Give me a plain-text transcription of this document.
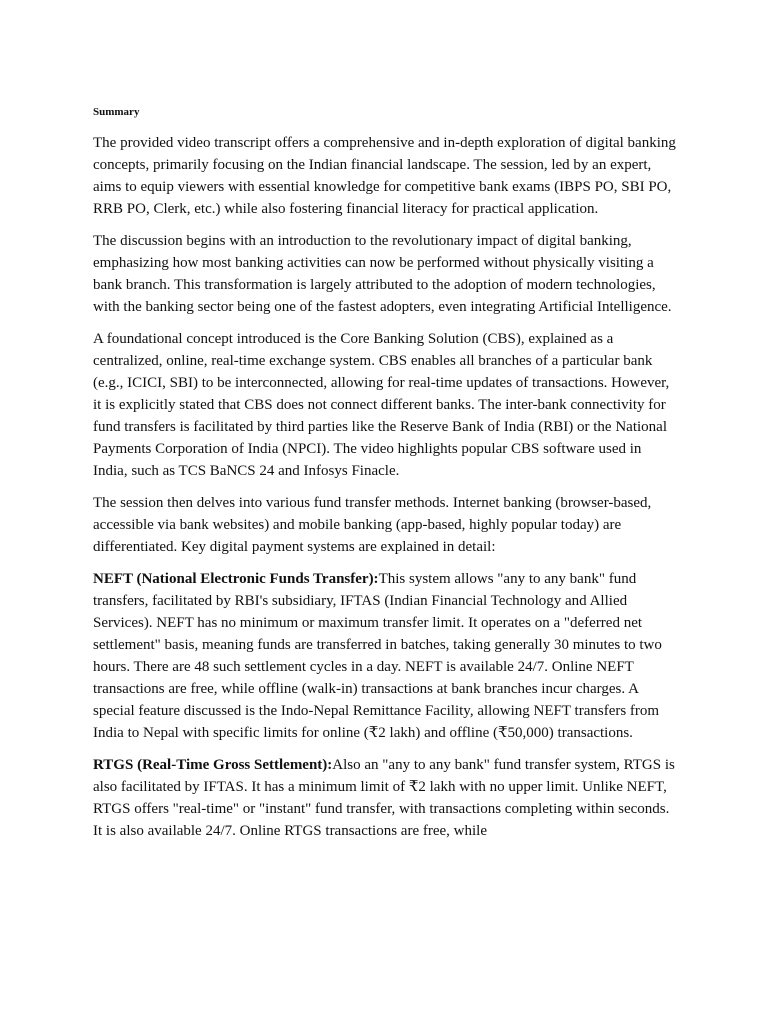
Summary

The provided video transcript offers a comprehensive and in-depth exploration of digital banking concepts, primarily focusing on the Indian financial landscape. The session, led by an expert, aims to equip viewers with essential knowledge for competitive bank exams (IBPS PO, SBI PO, RRB PO, Clerk, etc.) while also fostering financial literacy for practical application.

The discussion begins with an introduction to the revolutionary impact of digital banking, emphasizing how most banking activities can now be performed without physically visiting a bank branch. This transformation is largely attributed to the adoption of modern technologies, with the banking sector being one of the fastest adopters, even integrating Artificial Intelligence.

A foundational concept introduced is the Core Banking Solution (CBS), explained as a centralized, online, real-time exchange system. CBS enables all branches of a particular bank (e.g., ICICI, SBI) to be interconnected, allowing for real-time updates of transactions. However, it is explicitly stated that CBS does not connect different banks. The inter-bank connectivity for fund transfers is facilitated by third parties like the Reserve Bank of India (RBI) or the National Payments Corporation of India (NPCI). The video highlights popular CBS software used in India, such as TCS BaNCS 24 and Infosys Finacle.

The session then delves into various fund transfer methods. Internet banking (browser-based, accessible via bank websites) and mobile banking (app-based, highly popular today) are differentiated. Key digital payment systems are explained in detail:

NEFT (National Electronic Funds Transfer):This system allows "any to any bank" fund transfers, facilitated by RBI's subsidiary, IFTAS (Indian Financial Technology and Allied Services). NEFT has no minimum or maximum transfer limit. It operates on a "deferred net settlement" basis, meaning funds are transferred in batches, taking generally 30 minutes to two hours. There are 48 such settlement cycles in a day. NEFT is available 24/7. Online NEFT transactions are free, while offline (walk-in) transactions at bank branches incur charges. A special feature discussed is the Indo-Nepal Remittance Facility, allowing NEFT transfers from India to Nepal with specific limits for online (₹2 lakh) and offline (₹50,000) transactions.

RTGS (Real-Time Gross Settlement):Also an "any to any bank" fund transfer system, RTGS is also facilitated by IFTAS. It has a minimum limit of ₹2 lakh with no upper limit. Unlike NEFT, RTGS offers "real-time" or "instant" fund transfer, with transactions completing within seconds. It is also available 24/7. Online RTGS transactions are free, while
